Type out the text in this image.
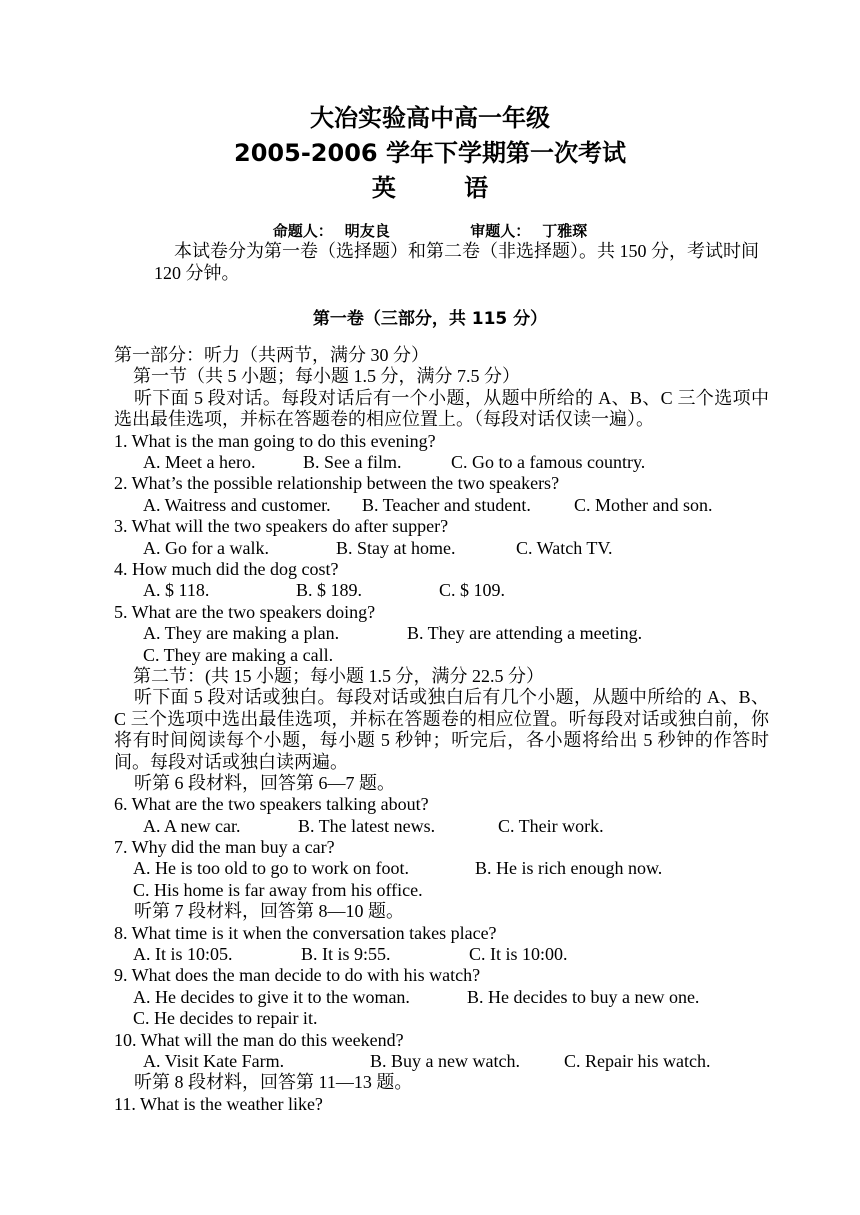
大冶实验高中高一年级
2005-2006 学年下学期第一次考试
英 语
命题人： 明友良	审题人： 丁雅琛
本试卷分为第一卷（选择题）和第二卷（非选择题）。共 150 分，考试时间 120 分钟。
第一卷（三部分，共 115 分）
第一部分：听力（共两节，满分 30 分）
第一节（共 5 小题；每小题 1.5 分，满分 7.5 分）
听下面 5 段对话。每段对话后有一个小题，从题中所给的 A、B、C 三个选项中选出最佳选项，并标在答题卷的相应位置上。（每段对话仅读一遍）。
1. What is the man going to do this evening?
A. Meet a hero.	B. See a film.	C. Go to a famous country.
2. What’s the possible relationship between the two speakers?
A. Waitress and customer. B. Teacher and student. C. Mother and son.
3. What will the two speakers do after supper?
A. Go for a walk.	B. Stay at home.	C. Watch TV.
4. How much did the dog cost?
A. $ 118.	B. $ 189.	C. $ 109.
5. What are the two speakers doing?
A. They are making a plan.	B. They are attending a meeting.
C. They are making a call.
第二节：(共 15 小题；每小题 1.5 分，满分 22.5 分）
听下面 5 段对话或独白。每段对话或独白后有几个小题，从题中所给的 A、B、C 三个选项中选出最佳选项，并标在答题卷的相应位置。听每段对话或独白前，你将有时间阅读每个小题，每小题 5 秒钟；听完后，各小题将给出 5 秒钟的作答时间。每段对话或独白读两遍。
听第 6 段材料，回答第 6—7 题。
6. What are the two speakers talking about?
A. A new car.	B. The latest news.	C. Their work.
7. Why did the man buy a car?
A. He is too old to go to work on foot.	B. He is rich enough now.
C. His home is far away from his office.
听第 7 段材料，回答第 8—10 题。
8. What time is it when the conversation takes place?
A. It is 10:05.	B. It is 9:55.	C. It is 10:00.
9. What does the man decide to do with his watch?
A. He decides to give it to the woman.	B. He decides to buy a new one.
C. He decides to repair it.
10. What will the man do this weekend?
A. Visit Kate Farm.	B. Buy a new watch. C. Repair his watch.
听第 8 段材料，回答第 11—13 题。
11. What is the weather like?
